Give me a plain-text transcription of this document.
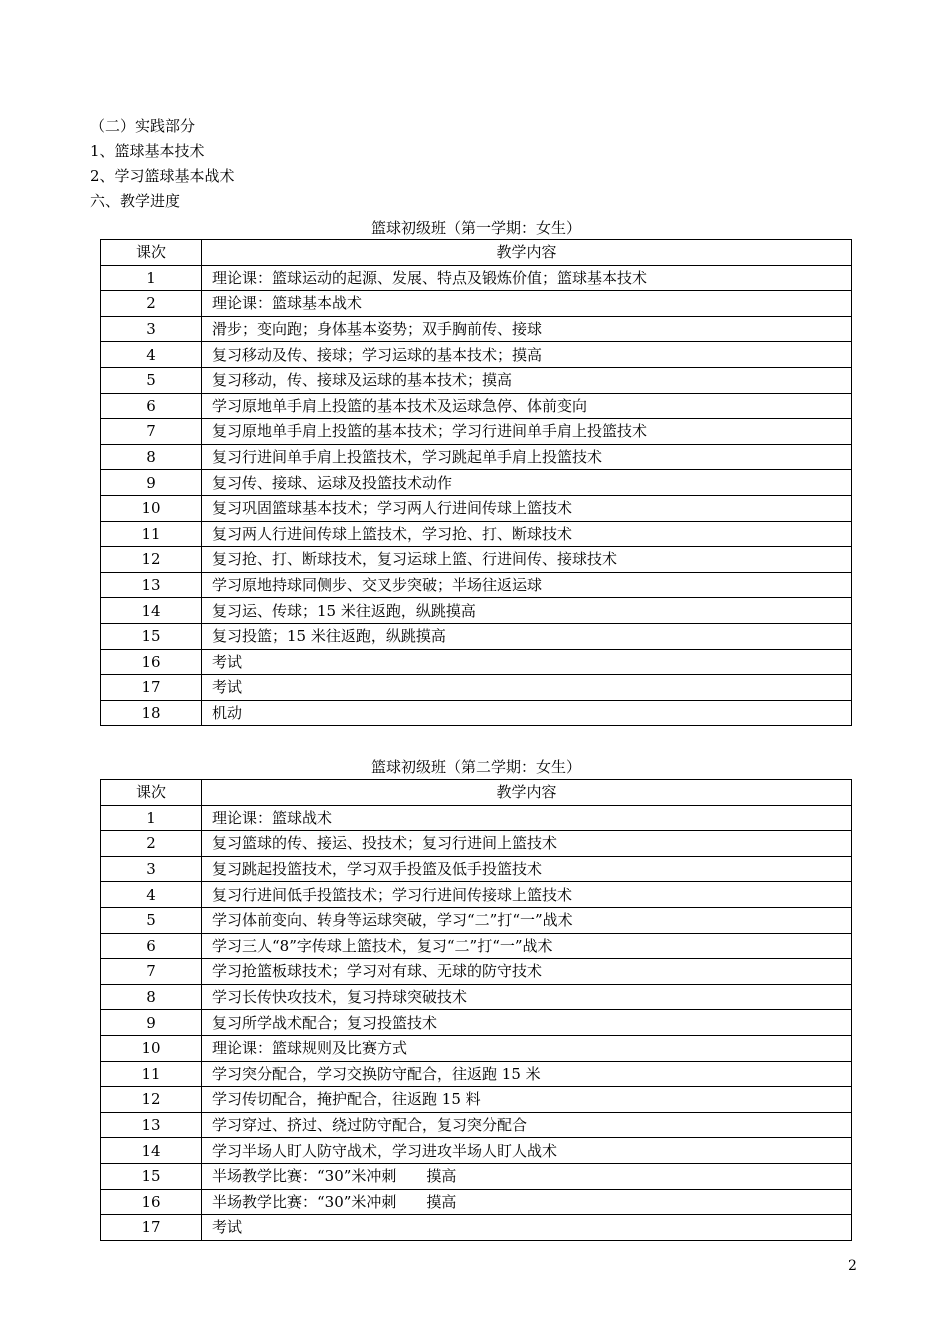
（二）实践部分
1、篮球基本技术
2、学习篮球基本战术
六、教学进度
篮球初级班（第一学期：女生）
课次	教学内容
1	理论课：篮球运动的起源、发展、特点及锻炼价值；篮球基本技术
2	理论课：篮球基本战术
3	滑步；变向跑；身体基本姿势；双手胸前传、接球
4	复习移动及传、接球；学习运球的基本技术；摸高
5	复习移动，传、接球及运球的基本技术；摸高
6	学习原地单手肩上投篮的基本技术及运球急停、体前变向
7	复习原地单手肩上投篮的基本技术；学习行进间单手肩上投篮技术
8	复习行进间单手肩上投篮技术，学习跳起单手肩上投篮技术
9	复习传、接球、运球及投篮技术动作
10	复习巩固篮球基本技术；学习两人行进间传球上篮技术
11	复习两人行进间传球上篮技术，学习抢、打、断球技术
12	复习抢、打、断球技术，复习运球上篮、行进间传、接球技术
13	学习原地持球同侧步、交叉步突破；半场往返运球
14	复习运、传球；15 米往返跑，纵跳摸高
15	复习投篮；15 米往返跑，纵跳摸高
16	考试
17	考试
18	机动
篮球初级班（第二学期：女生）
课次	教学内容
1	理论课：篮球战术
2	复习篮球的传、接运、投技术；复习行进间上篮技术
3	复习跳起投篮技术，学习双手投篮及低手投篮技术
4	复习行进间低手投篮技术；学习行进间传接球上篮技术
5	学习体前变向、转身等运球突破，学习“二”打“一”战术
6	学习三人“8”字传球上篮技术，复习“二”打“一”战术
7	学习抢篮板球技术；学习对有球、无球的防守技术
8	学习长传快攻技术，复习持球突破技术
9	复习所学战术配合；复习投篮技术
10	理论课：篮球规则及比赛方式
11	学习突分配合，学习交换防守配合，往返跑 15 米
12	学习传切配合，掩护配合，往返跑 15 料
13	学习穿过、挤过、绕过防守配合，复习突分配合
14	学习半场人盯人防守战术，学习进攻半场人盯人战术
15	半场教学比赛：“30”米冲刺　　摸高
16	半场教学比赛：“30”米冲刺　　摸高
17	考试
2
